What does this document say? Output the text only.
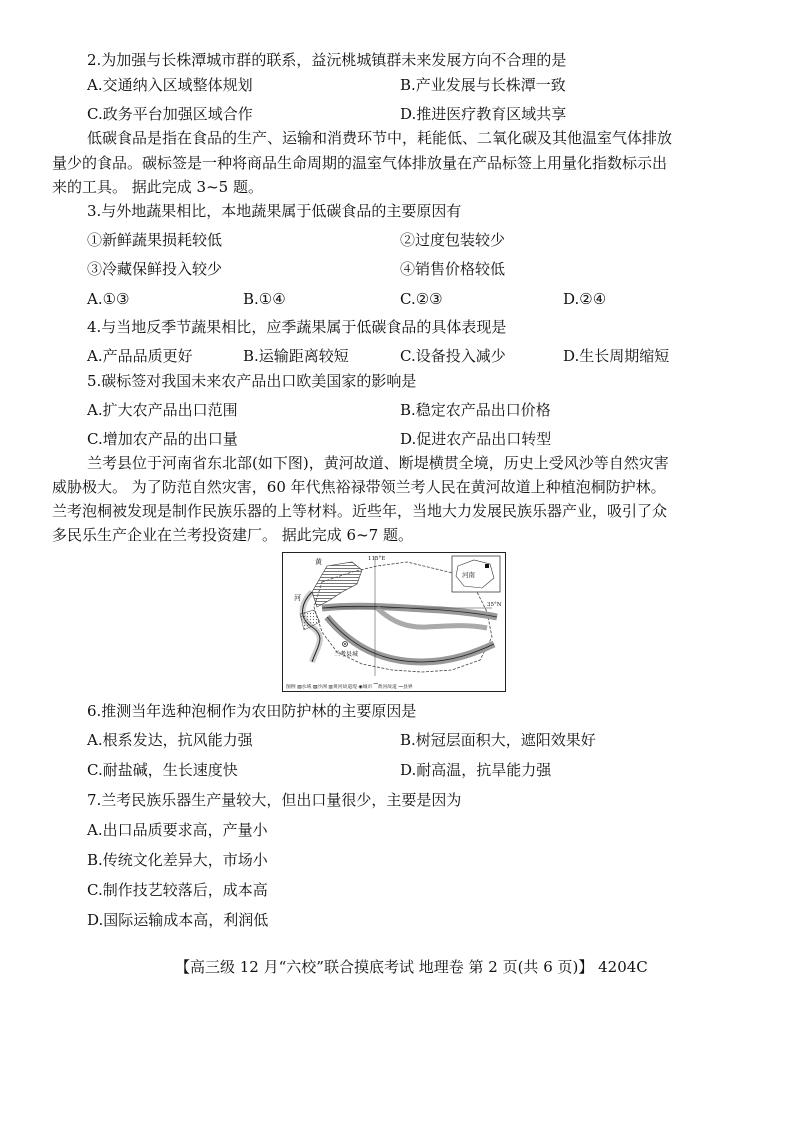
2.为加强与长株潭城市群的联系，益沅桃城镇群未来发展方向不合理的是
A.交通纳入区域整体规划	B.产业发展与长株潭一致
C.政务平台加强区域合作	D.推进医疗教育区域共享
低碳食品是指在食品的生产、运输和消费环节中，耗能低、二氧化碳及其他温室气体排放
量少的食品。碳标签是一种将商品生命周期的温室气体排放量在产品标签上用量化指数标示出
来的工具。 据此完成 3~5 题。
3.与外地蔬果相比，本地蔬果属于低碳食品的主要原因有
①新鲜蔬果损耗较低	②过度包装较少
③冷藏保鲜投入较少	④销售价格较低
A.①③	B.①④	C.②③	D.②④
4.与当地反季节蔬果相比，应季蔬果属于低碳食品的具体表现是
A.产品品质更好	B.运输距离较短	C.设备投入减少	D.生长周期缩短
5.碳标签对我国未来农产品出口欧美国家的影响是
A.扩大农产品出口范围	B.稳定农产品出口价格
C.增加农产品的出口量	D.促进农产品出口转型
兰考县位于河南省东北部(如下图)，黄河故道、断堤横贯全境，历史上受风沙等自然灾害
威胁极大。 为了防范自然灾害，60 年代焦裕禄带领兰考人民在黄河故道上种植泡桐防护林。
兰考泡桐被发现是制作民族乐器的上等材料。近些年，当地大力发展民族乐器产业，吸引了众
多民乐生产企业在兰考投资建厂。 据此完成 6~7 题。
115°E
35°N
黄
河
河南
兰考县城
图例 ▨水域 ▧沙洲 ▥黄河故道堤 ◉城市 ⁀黄河故道 ⁓县界
6.推测当年选种泡桐作为农田防护林的主要原因是
A.根系发达，抗风能力强	B.树冠层面积大，遮阳效果好
C.耐盐碱，生长速度快	D.耐高温，抗旱能力强
7.兰考民族乐器生产量较大，但出口量很少，主要是因为
A.出口品质要求高，产量小
B.传统文化差异大，市场小
C.制作技艺较落后，成本高
D.国际运输成本高，利润低
【高三级 12 月“六校”联合摸底考试 地理卷 第 2 页(共 6 页)】 4204C
